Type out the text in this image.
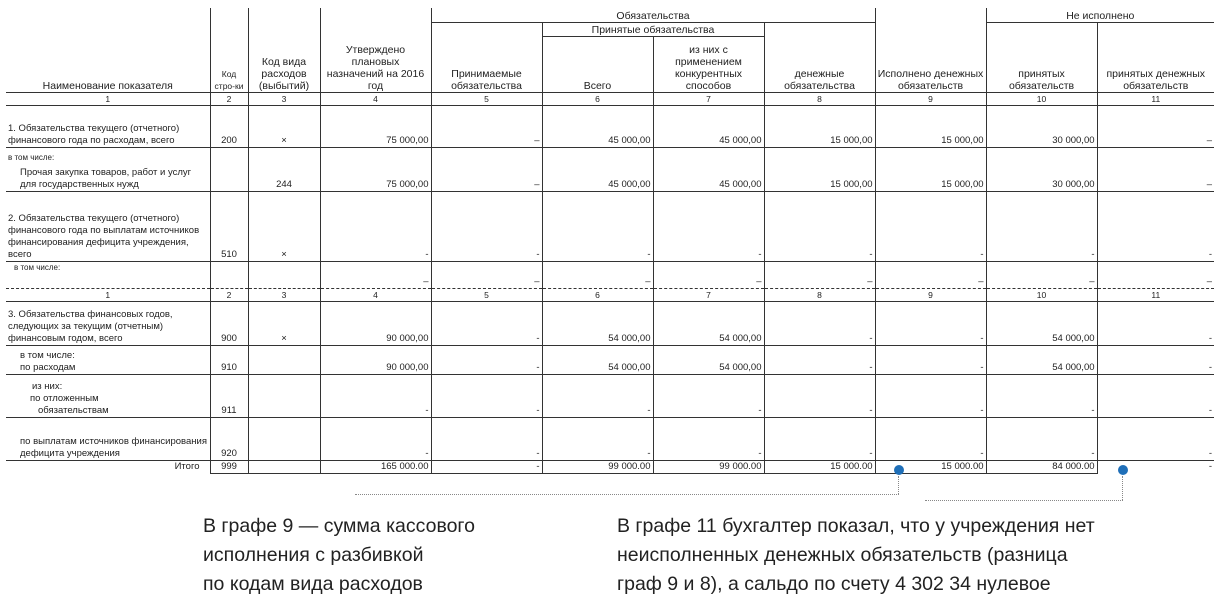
Наименование показателя	Код стро-ки	Код вида расходов (выбытий)	Утверждено плановых назначений на 2016 год	Обязательства				Исполнено денежных обязательств	Не исполнено	
				Принимаемые обязательства	Принятые обязательства		денежные обязательства		принятых обязательств	принятых денежных обязательств
					Всего	из них с применением конкурентных способов				
1	2	3	4	5	6	7	8	9	10	11
1. Обязательства текущего (отчетного) финансового года по расходам, всего	200	×	75 000,00	–	45 000,00	45 000,00	15 000,00	15 000,00	30 000,00	–

в том числе:
Прочая закупка товаров, работ и услуг для государственных нужд		244	75 000,00	–	45 000,00	45 000,00	15 000,00	15 000,00	30 000,00	–
2. Обязательства текущего (отчетного) финансового года по выплатам источников финансирования дефицита учреждения, всего	510	×	-	-	-	-	-	-	-	-
в том числе:			–	–	–	–	–	–	–	–
1	2	3	4	5	6	7	8	9	10	11
3. Обязательства финансовых годов, следующих за текущим (отчетным) финансовым годом, всего	900	×	90 000,00	-	54 000,00	54 000,00	-	-	54 000,00	-

в том числе:
по расходам	910		90 000,00	-	54 000,00	54 000,00	-	-	54 000,00	-

из них:
по отложенным
обязательствам	911		-	-	-	-	-	-	-	-
по выплатам источников финансирования дефицита учреждения	920		-	-	-	-	-	-	-	-
Итого	999		165 000.00	-	99 000.00	99 000.00	15 000.00	15 000.00	84 000.00	-
В графе 9 — сумма кассового
исполнения с разбивкой
по кодам вида расходов
В графе 11 бухгалтер показал, что у учреждения нет
неисполненных денежных обязательств (разница
граф 9 и 8), а сальдо по счету 4 302 34 нулевое
